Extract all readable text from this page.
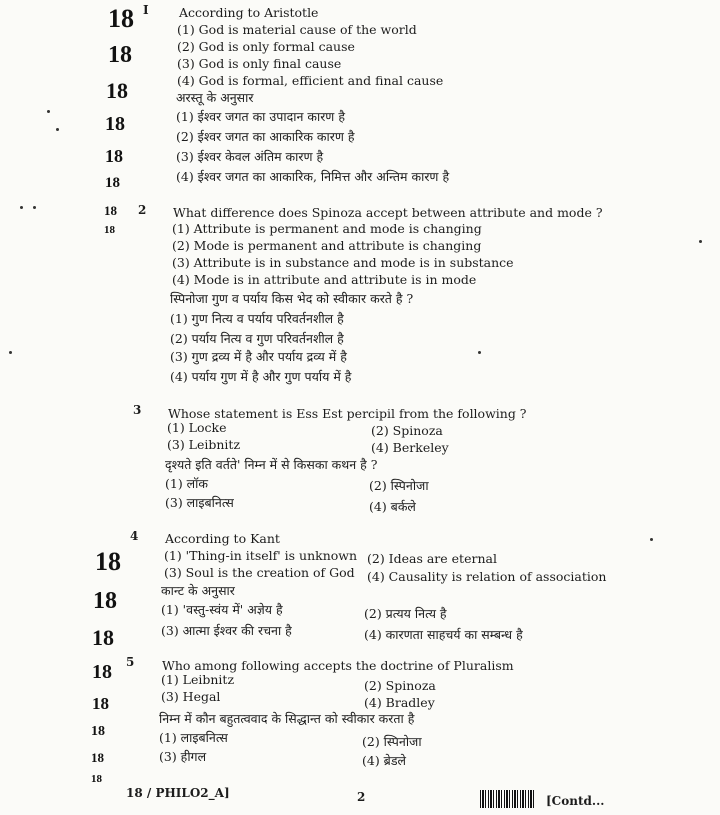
18
18
18
18
18
18
18
18
18
18
18
18
18
18
18
18
I According to Aristotle
(1) God is material cause of the world
(2) God is only formal cause
(3) God is only final cause
(4) God is formal, efficient and final cause
अरस्तू के अनुसार
(1) ईश्वर जगत का उपादान कारण है
(2) ईश्वर जगत का आकारिक कारण है
(3) ईश्वर केवल अंतिम कारण है
(4) ईश्वर जगत का आकारिक, निमित्त और अन्तिम कारण है
2 What difference does Spinoza accept between attribute and mode ?
(1) Attribute is permanent and mode is changing
(2) Mode is permanent and attribute is changing
(3) Attribute is in substance and mode is in substance
(4) Mode is in attribute and attribute is in mode
स्पिनोजा गुण व पर्याय किस भेद को स्वीकार करते है ?
(1) गुण नित्य व पर्याय परिवर्तनशील है
(2) पर्याय नित्य व गुण परिवर्तनशील है
(3) गुण द्रव्य में है और पर्याय द्रव्य में है
(4) पर्याय गुण में है और गुण पर्याय में है
3 Whose statement is Ess Est percipil from the following ?
(1) Locke	(2) Spinoza
(3) Leibnitz	(4) Berkeley
दृश्यते इति वर्तते' निम्न में से किसका कथन है ?
(1) लॉक	(2) स्पिनोजा
(3) लाइबनित्स	(4) बर्कले
4 According to Kant
(1) 'Thing-in itself' is unknown (2) Ideas are eternal
(3) Soul is the creation of God (4) Causality is relation of association
कान्ट के अनुसार
(1) 'वस्तु-स्वंय में' अज्ञेय है	(2) प्रत्यय नित्य है
(3) आत्मा ईश्वर की रचना है	(4) कारणता साहचर्य का सम्बन्ध है
5 Who among following accepts the doctrine of Pluralism
(1) Leibnitz	(2) Spinoza
(3) Hegal	(4) Bradley
निम्न में कौन बहुतत्ववाद के सिद्धान्त को स्वीकार करता है
(1) लाइबनित्स	(2) स्पिनोजा
(3) हीगल	(4) ब्रेडले
18 / PHILO2_A]	2	[Contd...
